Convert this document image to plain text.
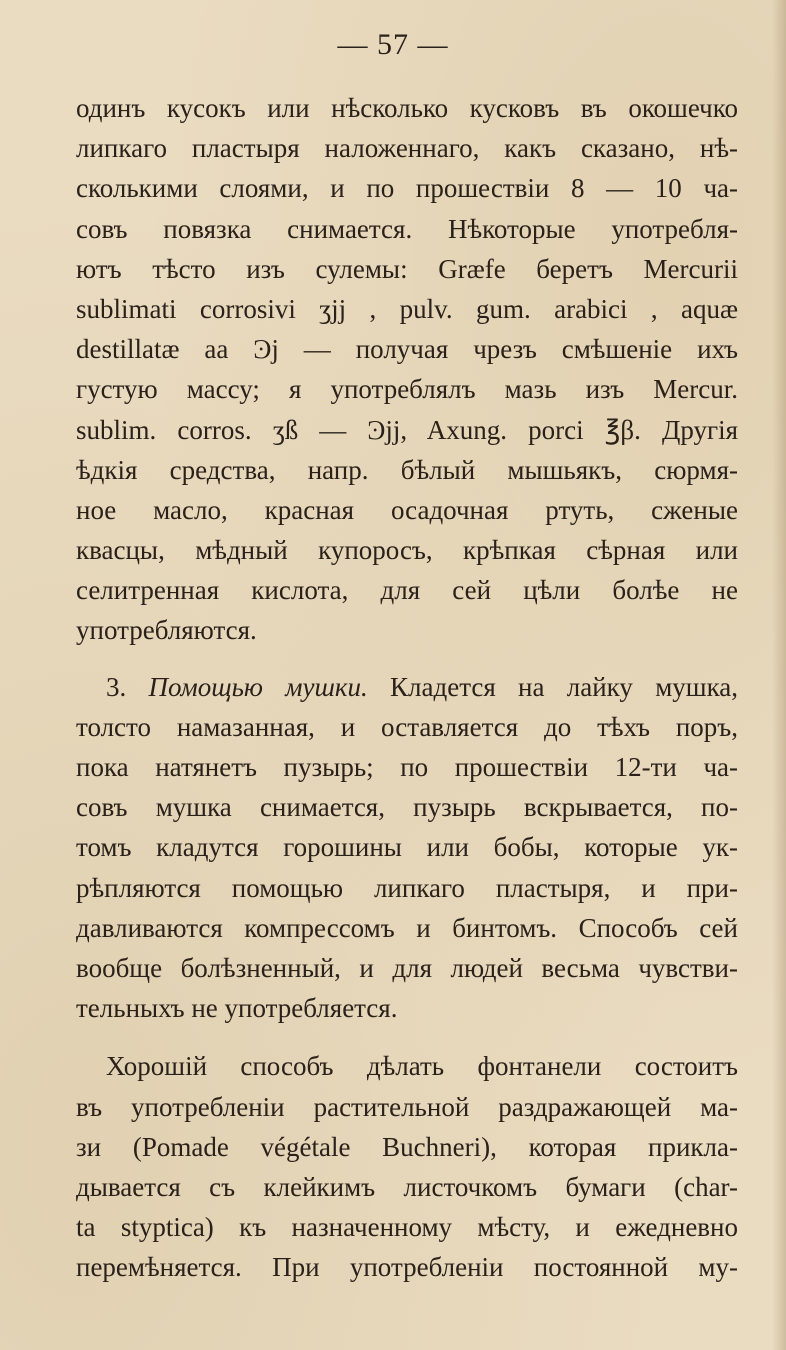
— 57 —
одинъ кусокъ или нѣсколько кусковъ въ окошечко
липкаго пластыря наложеннаго, какъ сказано, нѣ-
сколькими слоями, и по прошествіи 8 — 10 ча-
совъ повязка снимается. Нѣкоторые употребля-
ютъ тѣсто изъ сулемы: Græfe беретъ Mercurii
sublimati corrosivi ʒjj , pulv. gum. arabici , aquæ
destillatæ aa Ͽj — получая чрезъ смѣшеніе ихъ
густую массу; я употреблялъ мазь изъ Mercur.
sublim. corros. ʒß — Ͽjj, Axung. porci ℥β. Другія
ѣдкія средства, напр. бѣлый мышьякъ, сюрмя-
ное масло, красная осадочная ртуть, сженые
квасцы, мѣдный купоросъ, крѣпкая сѣрная или
селитренная кислота, для сей цѣли болѣе не
употребляются.
3. Помощью мушки. Кладется на лайку мушка,
толсто намазанная, и оставляется до тѣхъ поръ,
пока натянетъ пузырь; по прошествіи 12-ти ча-
совъ мушка снимается, пузырь вскрывается, по-
томъ кладутся горошины или бобы, которые ук-
рѣпляются помощью липкаго пластыря, и при-
давливаются компрессомъ и бинтомъ. Способъ сей
вообще болѣзненный, и для людей весьма чувстви-
тельныхъ не употребляется.
Хорошій способъ дѣлать фонтанели состоитъ
въ употребленіи растительной раздражающей ма-
зи (Pomade végétale Buchneri), которая прикла-
дывается съ клейкимъ листочкомъ бумаги (char-
ta styptica) къ назначенному мѣсту, и ежедневно
перемѣняется. При употребленіи постоянной му-
